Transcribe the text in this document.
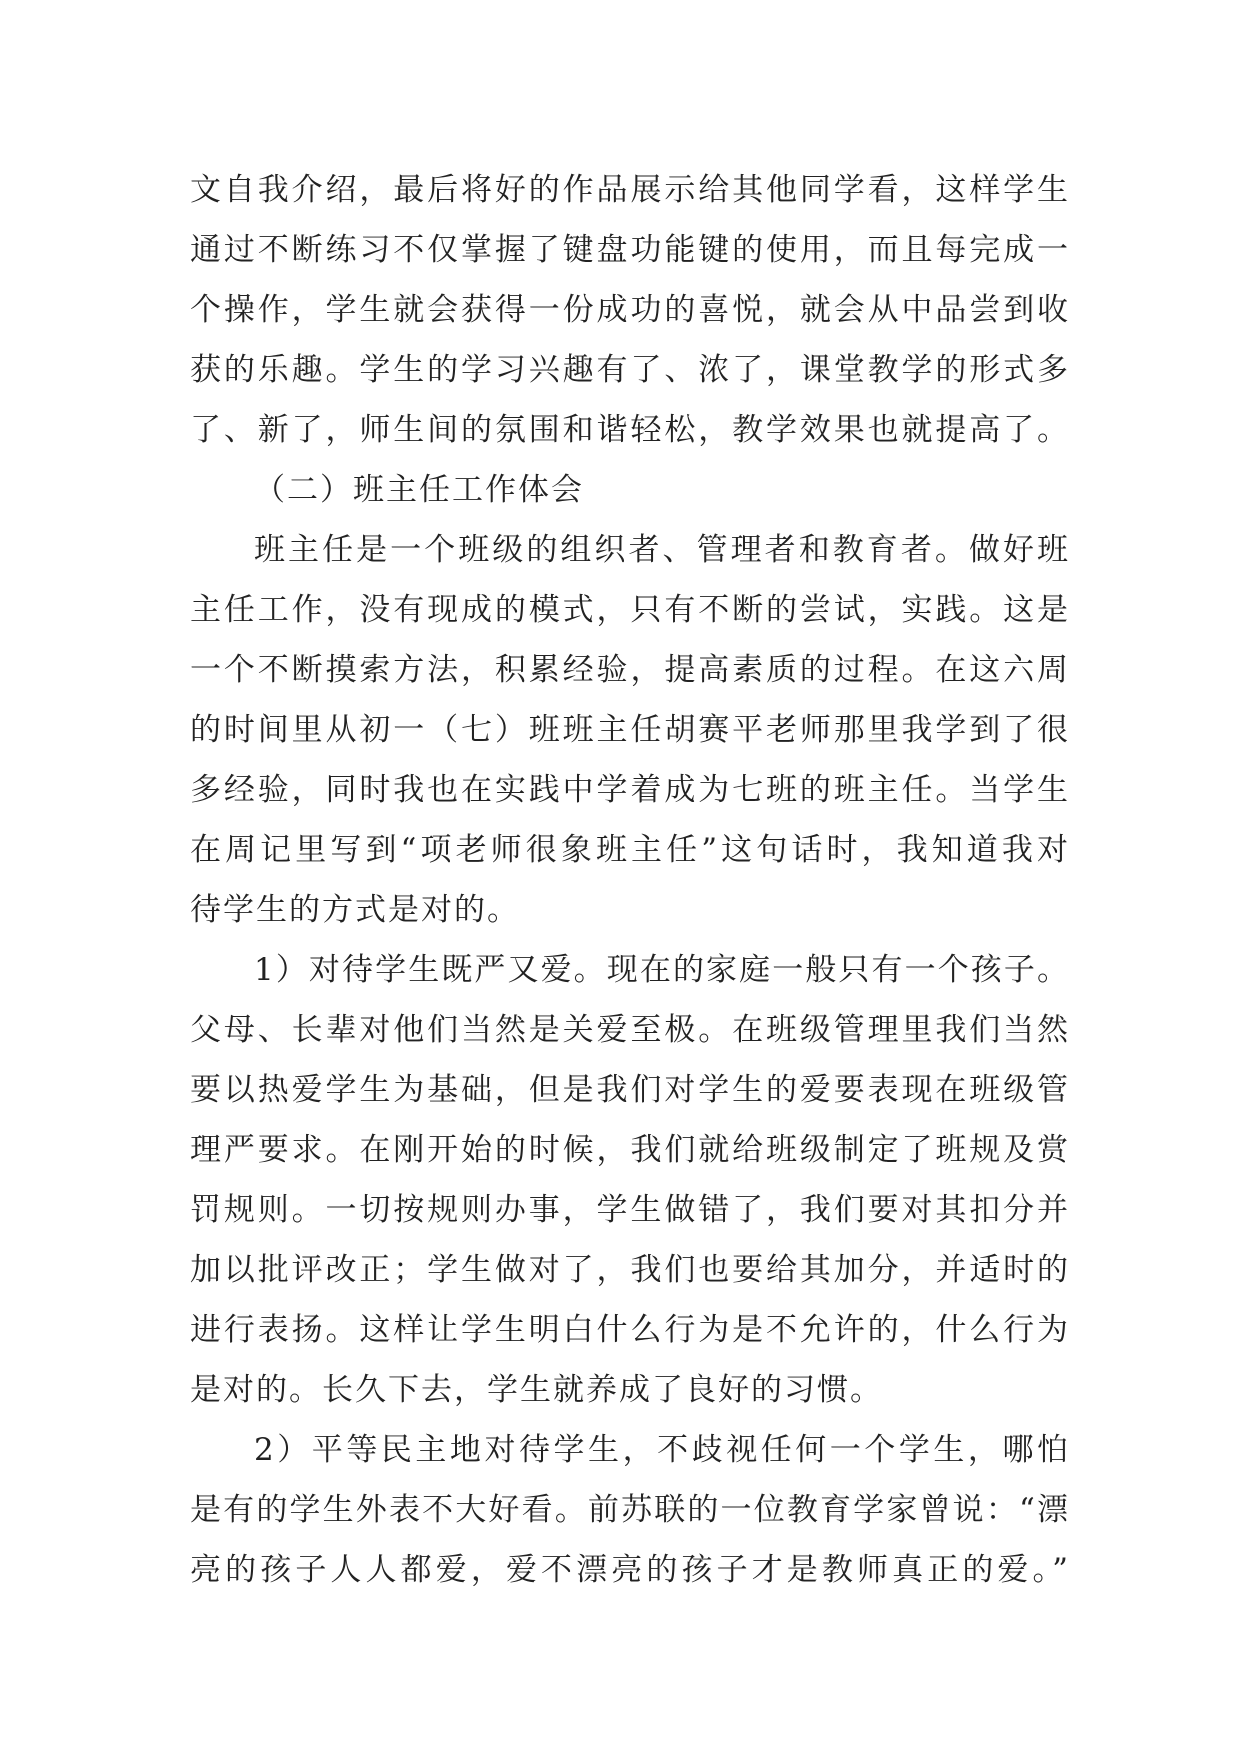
文自我介绍，最后将好的作品展示给其他同学看，这样学生
通过不断练习不仅掌握了键盘功能键的使用，而且每完成一
个操作，学生就会获得一份成功的喜悦，就会从中品尝到收
获的乐趣。学生的学习兴趣有了、浓了，课堂教学的形式多
了、新了，师生间的氛围和谐轻松，教学效果也就提高了。
（二）班主任工作体会
班主任是一个班级的组织者、管理者和教育者。做好班
主任工作，没有现成的模式，只有不断的尝试，实践。这是
一个不断摸索方法，积累经验，提高素质的过程。在这六周
的时间里从初一（七）班班主任胡赛平老师那里我学到了很
多经验，同时我也在实践中学着成为七班的班主任。当学生
在周记里写到“项老师很象班主任”这句话时，我知道我对
待学生的方式是对的。
1）对待学生既严又爱。现在的家庭一般只有一个孩子。
父母、长辈对他们当然是关爱至极。在班级管理里我们当然
要以热爱学生为基础，但是我们对学生的爱要表现在班级管
理严要求。在刚开始的时候，我们就给班级制定了班规及赏
罚规则。一切按规则办事，学生做错了，我们要对其扣分并
加以批评改正；学生做对了，我们也要给其加分，并适时的
进行表扬。这样让学生明白什么行为是不允许的，什么行为
是对的。长久下去，学生就养成了良好的习惯。
2）平等民主地对待学生，不歧视任何一个学生，哪怕
是有的学生外表不大好看。前苏联的一位教育学家曾说：“漂
亮的孩子人人都爱，爱不漂亮的孩子才是教师真正的爱。”
